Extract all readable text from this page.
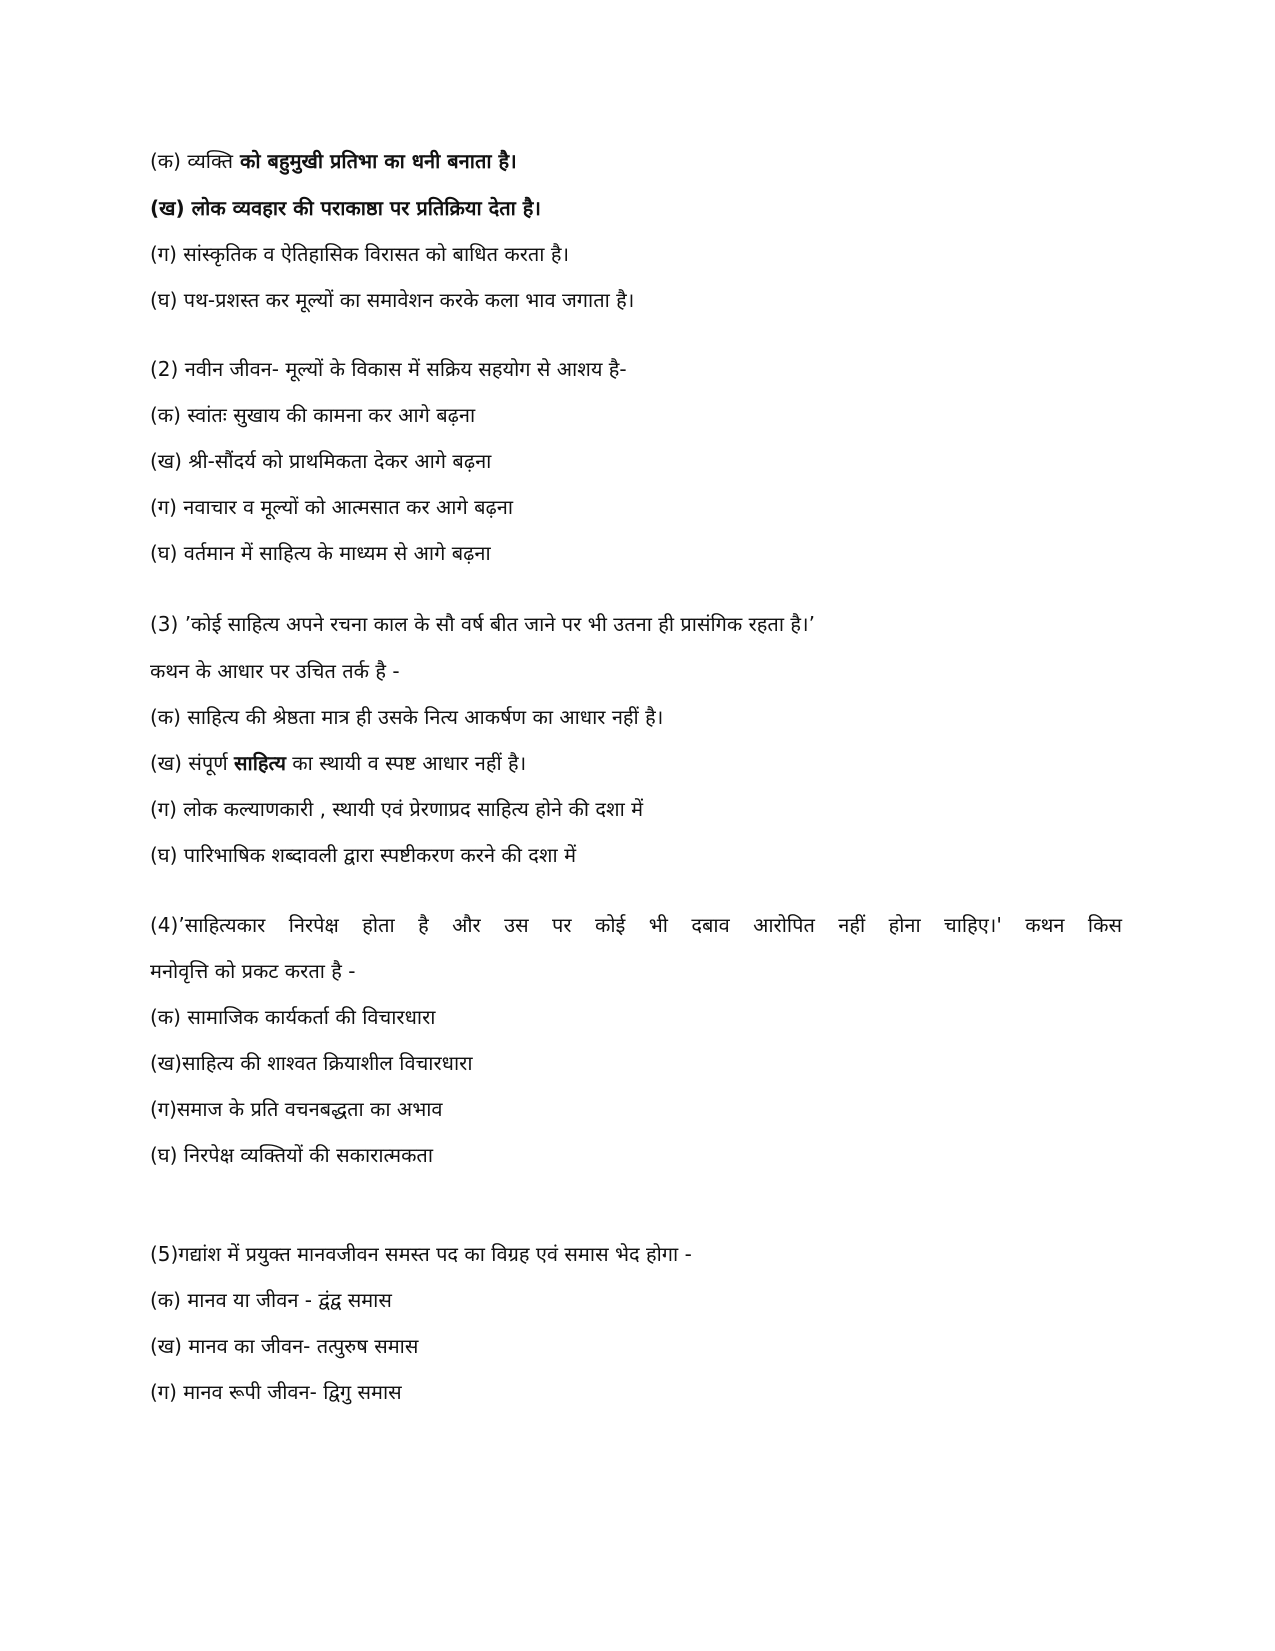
(क) व्यक्ति को बहुमुखी प्रतिभा का धनी बनाता है।
(ख) लोक व्यवहार की पराकाष्ठा पर प्रतिक्रिया देता है।
(ग) सांस्कृतिक व ऐतिहासिक विरासत को बाधित करता है।
(घ) पथ-प्रशस्त कर मूल्यों का समावेशन करके कला भाव जगाता है।
(2) नवीन जीवन- मूल्यों के विकास में सक्रिय सहयोग से आशय है-
(क) स्वांतः सुखाय की कामना कर आगे बढ़ना
(ख) श्री-सौंदर्य को प्राथमिकता देकर आगे बढ़ना
(ग) नवाचार व मूल्यों को आत्मसात कर आगे बढ़ना
(घ) वर्तमान में साहित्य के माध्यम से आगे बढ़ना
(3) ’कोई साहित्य अपने रचना काल के सौ वर्ष बीत जाने पर भी उतना ही प्रासंगिक रहता है।’
कथन के आधार पर उचित तर्क है -
(क) साहित्य की श्रेष्ठता मात्र ही उसके नित्य आकर्षण का आधार नहीं है।
(ख) संपूर्ण साहित्य का स्थायी व स्पष्ट आधार नहीं है।
(ग) लोक कल्याणकारी , स्थायी एवं प्रेरणाप्रद साहित्य होने की दशा में
(घ) पारिभाषिक शब्दावली द्वारा स्पष्टीकरण करने की दशा में
(4)’साहित्यकार निरपेक्ष होता है और उस पर कोई भी दबाव आरोपित नहीं होना चाहिए।' कथन किस
मनोवृत्ति को प्रकट करता है -
(क) सामाजिक कार्यकर्ता की विचारधारा
(ख)साहित्य की शाश्वत क्रियाशील विचारधारा
(ग)समाज के प्रति वचनबद्धता का अभाव
(घ) निरपेक्ष व्यक्तियों की सकारात्मकता
(5)गद्यांश में प्रयुक्त मानवजीवन समस्त पद का विग्रह एवं समास भेद होगा -
(क) मानव या जीवन - द्वंद्व समास
(ख) मानव का जीवन- तत्पुरुष समास
(ग) मानव रूपी जीवन- द्विगु समास
